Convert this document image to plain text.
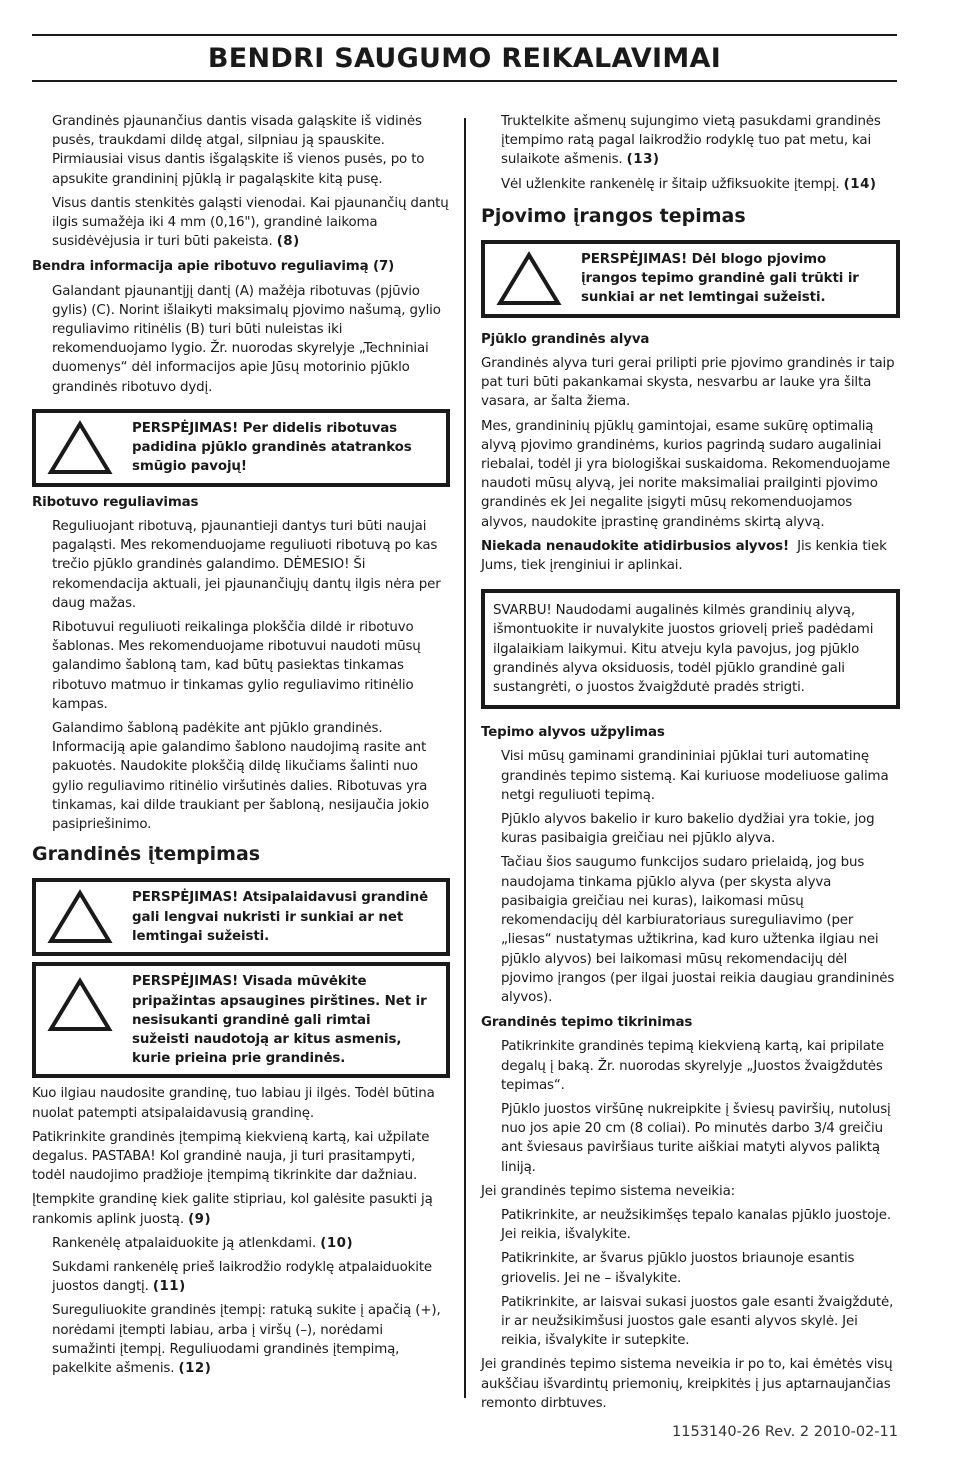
BENDRI SAUGUMO REIKALAVIMAI

Grandinės pjaunančius dantis visada galąskite iš vidinės pusės, traukdami dildę atgal, silpniau ją spauskite. Pirmiausiai visus dantis išgaląskite iš vienos pusės, po to apsukite grandininį pjūklą ir pagaląskite kitą pusę.

Visus dantis stenkitės galąsti vienodai. Kai pjaunančių dantų ilgis sumažėja iki 4 mm (0,16"), grandinė laikoma susidėvėjusia ir turi būti pakeista. (8)

Bendra informacija apie ribotuvo reguliavimą (7)

Galandant pjaunantįjį dantį (A) mažėja ribotuvas (pjūvio gylis) (C). Norint išlaikyti maksimalų pjovimo našumą, gylio reguliavimo ritinėlis (B) turi būti nuleistas iki rekomenduojamo lygio. Žr. nuorodas skyrelyje „Techniniai duomenys“ dėl informacijos apie Jūsų motorinio pjūklo grandinės ribotuvo dydį.

PERSPĖJIMAS! Per didelis ribotuvas padidina pjūklo grandinės atatrankos smūgio pavojų!

Ribotuvo reguliavimas

Reguliuojant ribotuvą, pjaunantieji dantys turi būti naujai pagaląsti. Mes rekomenduojame reguliuoti ribotuvą po kas trečio pjūklo grandinės galandimo. DĖMESIO! Ši rekomendacija aktuali, jei pjaunančiųjų dantų ilgis nėra per daug mažas.

Ribotuvui reguliuoti reikalinga plokščia dildė ir ribotuvo šablonas. Mes rekomenduojame ribotuvui naudoti mūsų galandimo šabloną tam, kad būtų pasiektas tinkamas ribotuvo matmuo ir tinkamas gylio reguliavimo ritinėlio kampas.

Galandimo šabloną padėkite ant pjūklo grandinės. Informaciją apie galandimo šablono naudojimą rasite ant pakuotės. Naudokite plokščią dildę likučiams šalinti nuo gylio reguliavimo ritinėlio viršutinės dalies. Ribotuvas yra tinkamas, kai dilde traukiant per šabloną, nesijaučia jokio pasipriešinimo.

Grandinės įtempimas
PERSPĖJIMAS! Atsipalaidavusi grandinė gali lengvai nukristi ir sunkiai ar net lemtingai sužeisti.
PERSPĖJIMAS! Visada mūvėkite pripažintas apsaugines pirštines. Net ir nesisukanti grandinė gali rimtai sužeisti naudotoją ar kitus asmenis, kurie prieina prie grandinės.

Kuo ilgiau naudosite grandinę, tuo labiau ji ilgės. Todėl būtina nuolat patempti atsipalaidavusią grandinę.

Patikrinkite grandinės įtempimą kiekvieną kartą, kai užpilate degalus. PASTABA! Kol grandinė nauja, ji turi prasitampyti, todėl naudojimo pradžioje įtempimą tikrinkite dar dažniau.

Įtempkite grandinę kiek galite stipriau, kol galėsite pasukti ją rankomis aplink juostą. (9)

Rankenėlę atpalaiduokite ją atlenkdami. (10)

Sukdami rankenėlę prieš laikrodžio rodyklę atpalaiduokite juostos dangtį. (11)

Sureguliuokite grandinės įtempį: ratuką sukite į apačią (+), norėdami įtempti labiau, arba į viršų (–), norėdami sumažinti įtempį. Reguliuodami grandinės įtempimą, pakelkite ašmenis. (12)

Truktelkite ašmenų sujungimo vietą pasukdami grandinės įtempimo ratą pagal laikrodžio rodyklę tuo pat metu, kai sulaikote ašmenis. (13)

Vėl užlenkite rankenėlę ir šitaip užfiksuokite įtempį. (14)

Pjovimo įrangos tepimas
PERSPĖJIMAS! Dėl blogo pjovimo įrangos tepimo grandinė gali trūkti ir sunkiai ar net lemtingai sužeisti.

Pjūklo grandinės alyva

Grandinės alyva turi gerai prilipti prie pjovimo grandinės ir taip pat turi būti pakankamai skysta, nesvarbu ar lauke yra šilta vasara, ar šalta žiema.

Mes, grandininių pjūklų gamintojai, esame sukūrę optimalią alyvą pjovimo grandinėms, kurios pagrindą sudaro augaliniai riebalai, todėl ji yra biologiškai suskaidoma. Rekomenduojame naudoti mūsų alyvą, jei norite maksimaliai prailginti pjovimo grandinės ek Jei negalite įsigyti mūsų rekomenduojamos alyvos, naudokite įprastinę grandinėms skirtą alyvą.

Niekada nenaudokite atidirbusios alyvos! Jis kenkia tiek Jums, tiek įrenginiui ir aplinkai.

SVARBU! Naudodami augalinės kilmės grandinių alyvą, išmontuokite ir nuvalykite juostos griovelį prieš padėdami ilgalaikiam laikymui. Kitu atveju kyla pavojus, jog pjūklo grandinės alyva oksiduosis, todėl pjūklo grandinė gali sustangrėti, o juostos žvaigždutė pradės strigti.

Tepimo alyvos užpylimas

Visi mūsų gaminami grandininiai pjūklai turi automatinę grandinės tepimo sistemą. Kai kuriuose modeliuose galima netgi reguliuoti tepimą.

Pjūklo alyvos bakelio ir kuro bakelio dydžiai yra tokie, jog kuras pasibaigia greičiau nei pjūklo alyva.

Tačiau šios saugumo funkcijos sudaro prielaidą, jog bus naudojama tinkama pjūklo alyva (per skysta alyva pasibaigia greičiau nei kuras), laikomasi mūsų rekomendacijų dėl karbiuratoriaus sureguliavimo (per „liesas“ nustatymas užtikrina, kad kuro užtenka ilgiau nei pjūklo alyvos) bei laikomasi mūsų rekomendacijų dėl pjovimo įrangos (per ilgai juostai reikia daugiau grandininės alyvos).

Grandinės tepimo tikrinimas

Patikrinkite grandinės tepimą kiekvieną kartą, kai pripilate degalų į baką. Žr. nuorodas skyrelyje „Juostos žvaigždutės tepimas“.

Pjūklo juostos viršūnę nukreipkite į šviesų paviršių, nutolusį nuo jos apie 20 cm (8 coliai). Po minutės darbo 3/4 greičiu ant šviesaus paviršiaus turite aiškiai matyti alyvos paliktą liniją.

Jei grandinės tepimo sistema neveikia:

Patikrinkite, ar neužsikimšęs tepalo kanalas pjūklo juostoje. Jei reikia, išvalykite.

Patikrinkite, ar švarus pjūklo juostos briaunoje esantis griovelis. Jei ne – išvalykite.

Patikrinkite, ar laisvai sukasi juostos gale esanti žvaigždutė, ir ar neužsikimšusi juostos gale esanti alyvos skylė. Jei reikia, išvalykite ir sutepkite.

Jei grandinės tepimo sistema neveikia ir po to, kai ėmėtės visų aukščiau išvardintų priemonių, kreipkitės į jus aptarnaujančias remonto dirbtuves.

1153140-26 Rev. 2 2010-02-11
